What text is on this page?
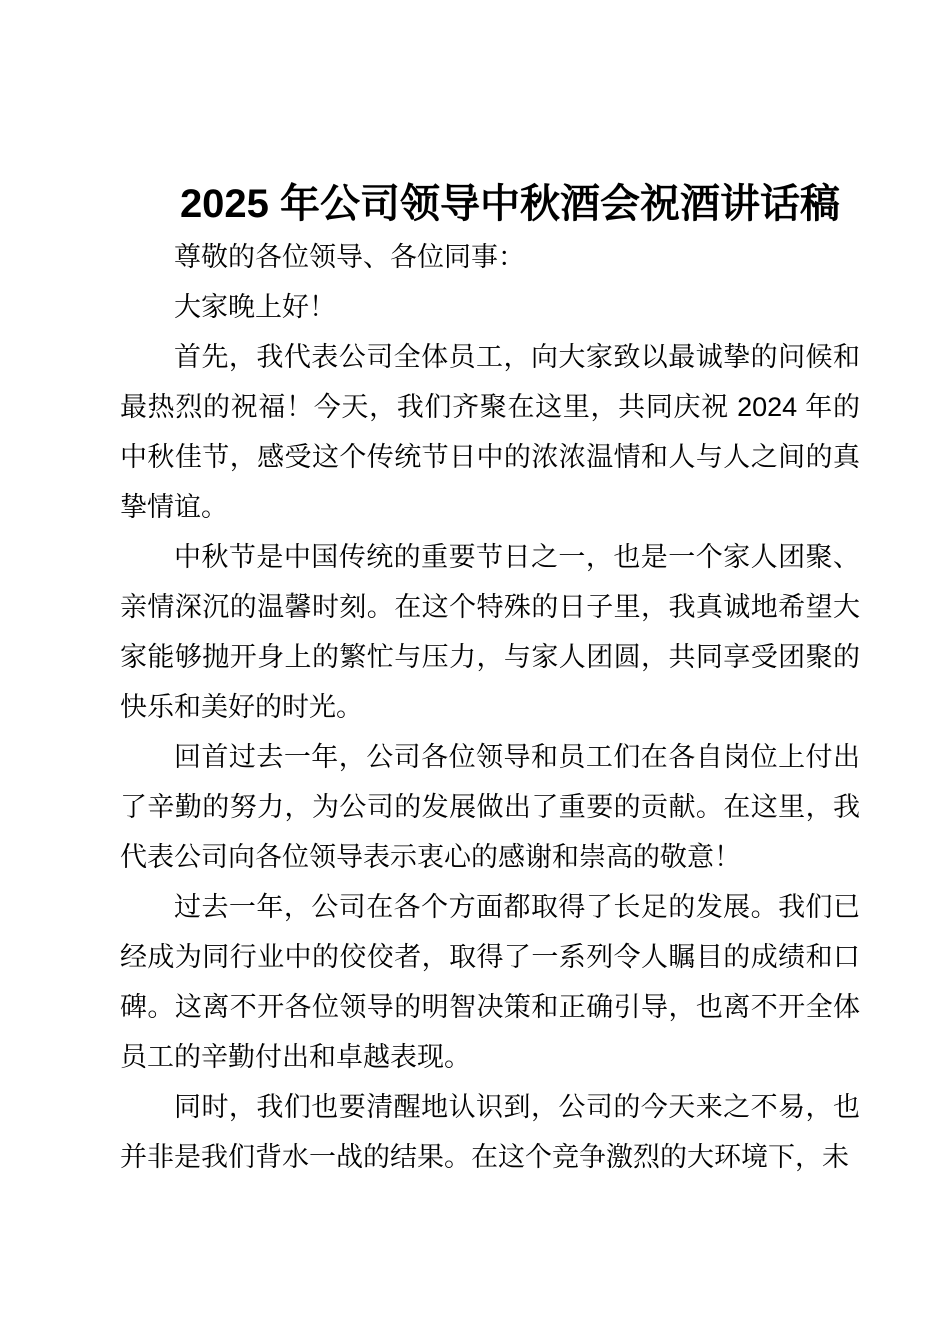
2025 年公司领导中秋酒会祝酒讲话稿

尊敬的各位领导、各位同事：

大家晚上好！

首先，我代表公司全体员工，向大家致以最诚挚的问候和最热烈的祝福！今天，我们齐聚在这里，共同庆祝 2024 年的中秋佳节，感受这个传统节日中的浓浓温情和人与人之间的真挚情谊。

中秋节是中国传统的重要节日之一，也是一个家人团聚、亲情深沉的温馨时刻。在这个特殊的日子里，我真诚地希望大家能够抛开身上的繁忙与压力，与家人团圆，共同享受团聚的快乐和美好的时光。

回首过去一年，公司各位领导和员工们在各自岗位上付出了辛勤的努力，为公司的发展做出了重要的贡献。在这里，我代表公司向各位领导表示衷心的感谢和崇高的敬意！

过去一年，公司在各个方面都取得了长足的发展。我们已经成为同行业中的佼佼者，取得了一系列令人瞩目的成绩和口碑。这离不开各位领导的明智决策和正确引导，也离不开全体员工的辛勤付出和卓越表现。

同时，我们也要清醒地认识到，公司的今天来之不易，也并非是我们背水一战的结果。在这个竞争激烈的大环境下，未
